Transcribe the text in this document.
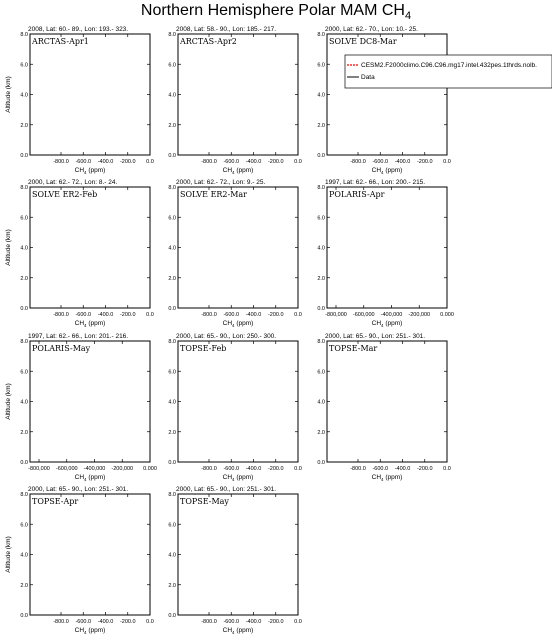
Northern Hemisphere Polar MAM $CH_4$
2008, Lat: 60.- 89., Lon: 193.- 323.
ARCTAS-Apr1
0.0
2.0
4.0
6.0
8.0
-800.0 -600.0 -400.0 -200.0 0.0
$CH_4$ (ppm)
Altitude (km)
2008, Lat: 58.- 90., Lon: 185.- 217.
ARCTAS-Apr2
0.0
2.0
4.0
6.0
8.0
-800.0 -600.0 -400.0 -200.0 0.0
$CH_4$ (ppm)
2000, Lat: 62.- 70., Lon: 10.- 25.
SOLVE DC8-Mar
0.0
2.0
4.0
6.0
8.0
-800.0 -600.0 -400.0 -200.0 0.0
$CH_4$ (ppm)
2000, Lat: 62.- 72., Lon: 8.- 24.
SOLVE ER2-Feb
0.0
2.0
4.0
6.0
8.0
-800.0 -600.0 -400.0 -200.0 0.0
$CH_4$ (ppm)
Altitude (km)
2000, Lat: 62.- 72., Lon: 9.- 25.
SOLVE ER2-Mar
0.0
2.0
4.0
6.0
8.0
-800.0 -600.0 -400.0 -200.0 0.0
$CH_4$ (ppm)
1997, Lat: 62.- 66., Lon: 200.- 215.
POLARIS-Apr
0.0
2.0
4.0
6.0
8.0
-800,000 -600,000 -400,000 -200,000 0.000
$CH_4$ (ppm)
1997, Lat: 62.- 66., Lon: 201.- 216.
POLARIS-May
0.0
2.0
4.0
6.0
8.0
-800,000 -600,000 -400,000 -200,000 0.000
$CH_4$ (ppm)
Altitude (km)
2000, Lat: 65.- 90., Lon: 250.- 300.
TOPSE-Feb
0.0
2.0
4.0
6.0
8.0
-800.0 -600.0 -400.0 -200.0 0.0
$CH_4$ (ppm)
2000, Lat: 65.- 90., Lon: 251.- 301.
TOPSE-Mar
0.0
2.0
4.0
6.0
8.0
-800.0 -600.0 -400.0 -200.0 0.0
$CH_4$ (ppm)
2000, Lat: 65.- 90., Lon: 251.- 301.
TOPSE-Apr
0.0
2.0
4.0
6.0
8.0
-800.0 -600.0 -400.0 -200.0 0.0
$CH_4$ (ppm)
Altitude (km)
2000, Lat: 65.- 90., Lon: 251.- 301.
TOPSE-May
0.0
2.0
4.0
6.0
8.0
-800.0 -600.0 -400.0 -200.0 0.0
$CH_4$ (ppm)
CESM2.F2000climo.C96.C96.mg17.intel.432pes.1thrds.nolb.
Data
